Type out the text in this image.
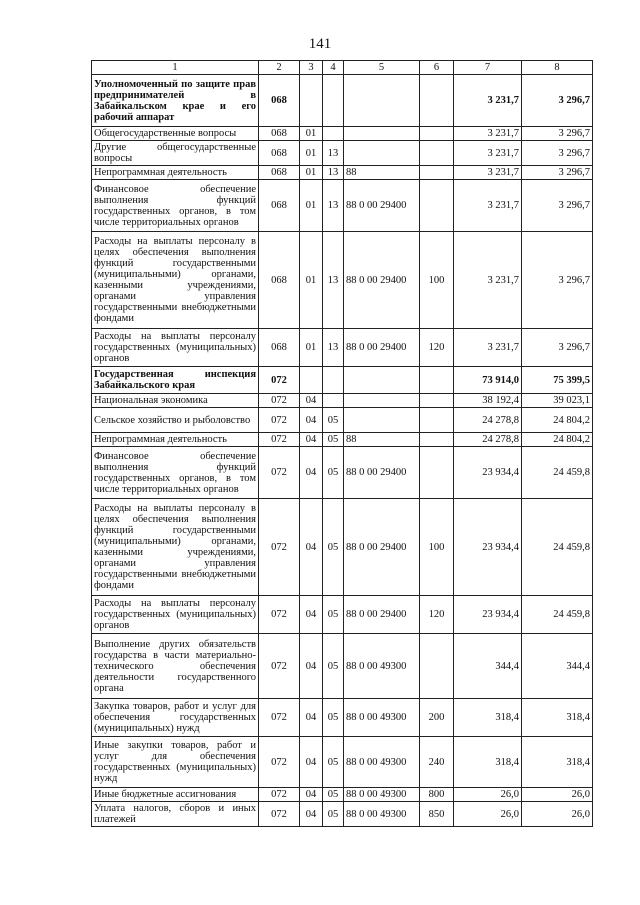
141
1	2	3	4	5	6	7	8
Уполномоченный по защите прав предпринимателей в Забайкальском крае и его рабочий аппарат	068					3 231,7	3 296,7
Общегосударственные вопросы	068	01				3 231,7	3 296,7
Другие общегосударственные вопросы	068	01	13			3 231,7	3 296,7
Непрограммная деятельность	068	01	13	88		3 231,7	3 296,7
Финансовое обеспечение выполнения функций государственных органов, в том числе территориальных органов	068	01	13	88 0 00 29400		3 231,7	3 296,7
Расходы на выплаты персоналу в целях обеспечения выполнения функций государственными (муниципальными) органами, казенными учреждениями, органами управления государственными внебюджетными фондами	068	01	13	88 0 00 29400	100	3 231,7	3 296,7
Расходы на выплаты персоналу государственных (муниципальных) органов	068	01	13	88 0 00 29400	120	3 231,7	3 296,7
Государственная инспекция Забайкальского края	072					73 914,0	75 399,5
Национальная экономика	072	04				38 192,4	39 023,1
Сельское хозяйство и рыболовство	072	04	05			24 278,8	24 804,2
Непрограммная деятельность	072	04	05	88		24 278,8	24 804,2
Финансовое обеспечение выполнения функций государственных органов, в том числе территориальных органов	072	04	05	88 0 00 29400		23 934,4	24 459,8
Расходы на выплаты персоналу в целях обеспечения выполнения функций государственными (муниципальными) органами, казенными учреждениями, органами управления государственными внебюджетными фондами	072	04	05	88 0 00 29400	100	23 934,4	24 459,8
Расходы на выплаты персоналу государственных (муниципальных) органов	072	04	05	88 0 00 29400	120	23 934,4	24 459,8
Выполнение других обязательств государства в части материально-технического обеспечения деятельности государственного органа	072	04	05	88 0 00 49300		344,4	344,4
Закупка товаров, работ и услуг для обеспечения государственных (муниципальных) нужд	072	04	05	88 0 00 49300	200	318,4	318,4
Иные закупки товаров, работ и услуг для обеспечения государственных (муниципальных) нужд	072	04	05	88 0 00 49300	240	318,4	318,4
Иные бюджетные ассигнования	072	04	05	88 0 00 49300	800	26,0	26,0
Уплата налогов, сборов и иных платежей	072	04	05	88 0 00 49300	850	26,0	26,0
